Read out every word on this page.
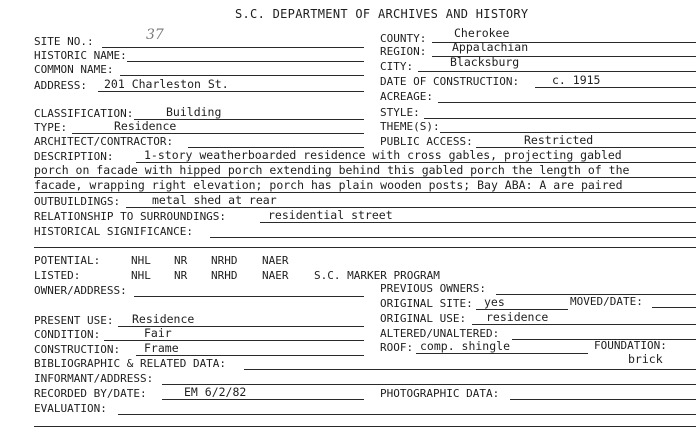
S.C. DEPARTMENT OF ARCHIVES AND HISTORY
SITE NO.:	37
HISTORIC NAME:
COMMON NAME:
ADDRESS: 201 Charleston St.
CLASSIFICATION:	Building
TYPE:	Residence
ARCHITECT/CONTRACTOR:
COUNTY: Cherokee
REGION: Appalachian
CITY:	Blacksburg
DATE OF CONSTRUCTION:	c. 1915
ACREAGE:
STYLE:
THEME(S):
PUBLIC ACCESS:	Restricted
DESCRIPTION:	1-story weatherboarded residence with cross gables, projecting gabled
porch on facade with hipped porch extending behind this gabled porch the length of the
facade, wrapping right elevation; porch has plain wooden posts; Bay ABA: A are paired
OUTBUILDINGS:	metal shed at rear
RELATIONSHIP TO SURROUNDINGS:	residential street
HISTORICAL SIGNIFICANCE:
POTENTIAL:	NHL NR NRHD NAER
LISTED:	NHL NR NRHD NAER S.C. MARKER PROGRAM
OWNER/ADDRESS:	PREVIOUS OWNERS:
ORIGINAL SITE: yes	MOVED/DATE:
PRESENT USE: Residence	ORIGINAL USE: residence
CONDITION:	Fair	ALTERED/UNALTERED:
CONSTRUCTION: Frame	ROOF: comp. shingle	FOUNDATION:
brick
BIBLIOGRAPHIC & RELATED DATA:
INFORMANT/ADDRESS:
RECORDED BY/DATE:	EM 6/2/82	PHOTOGRAPHIC DATA:
EVALUATION:
